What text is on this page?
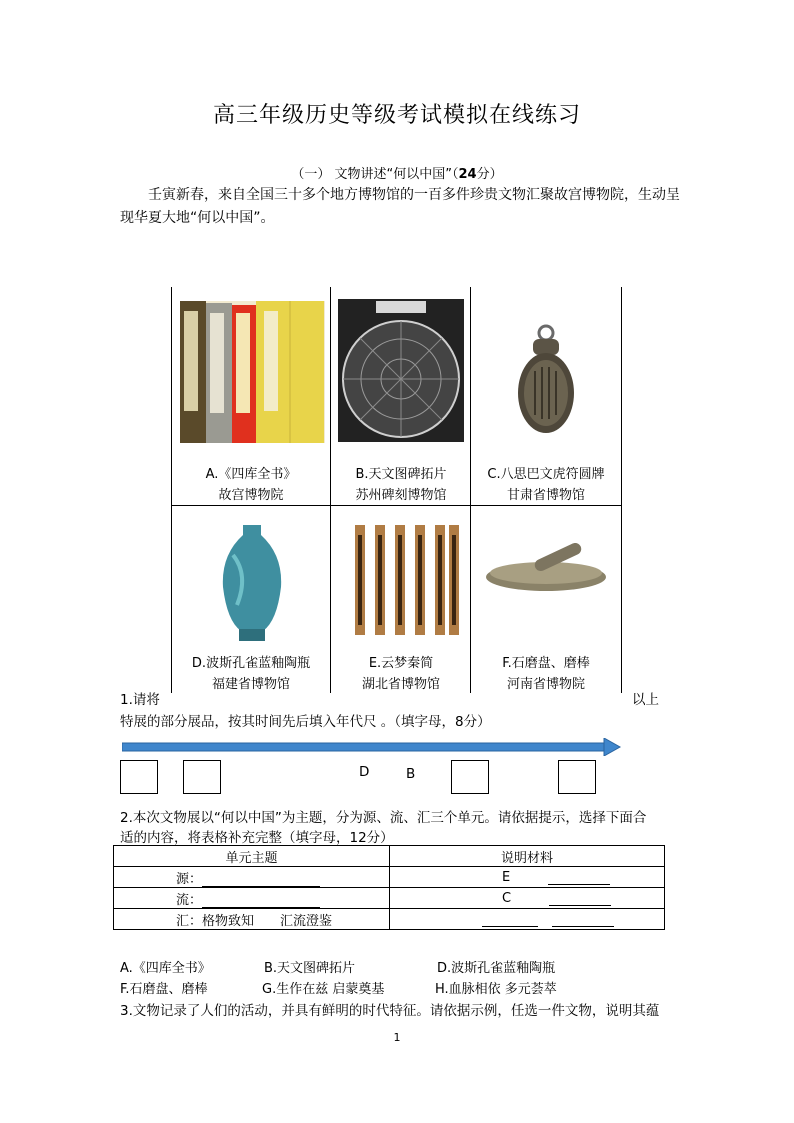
高三年级历史等级考试模拟在线练习
（一） 文物讲述“何以中国”（24分）
壬寅新春，来自全国三十多个地方博物馆的一百多件珍贵文物汇聚故宫博物院，生动呈现华夏大地“何以中国”。
A.《四库全书》
故宫博物院
B.天文图碑拓片
苏州碑刻博物馆
C.八思巴文虎符圆牌
甘肃省博物馆
D.波斯孔雀蓝釉陶瓶
福建省博物馆
E.云梦秦简
湖北省博物馆
F.石磨盘、磨棒
河南省博物院
1.请将	以上
特展的部分展品，按其时间先后填入年代尺 。（填字母，8分）
D	B
2.本次文物展以“何以中国”为主题，分为源、流、汇三个单元。请依据提示，选择下面合
适的内容，将表格补充完整（填字母，12分）
单元主题	说明材料
源：	E
流：	C
汇：格物致知　　汇流澄鉴	
A.《四库全书》	B.天文图碑拓片	D.波斯孔雀蓝釉陶瓶
F.石磨盘、磨棒	G.生作在兹 启蒙奠基	H.血脉相依 多元荟萃
3.文物记录了人们的活动，并具有鲜明的时代特征。请依据示例，任选一件文物，说明其蕴
1
